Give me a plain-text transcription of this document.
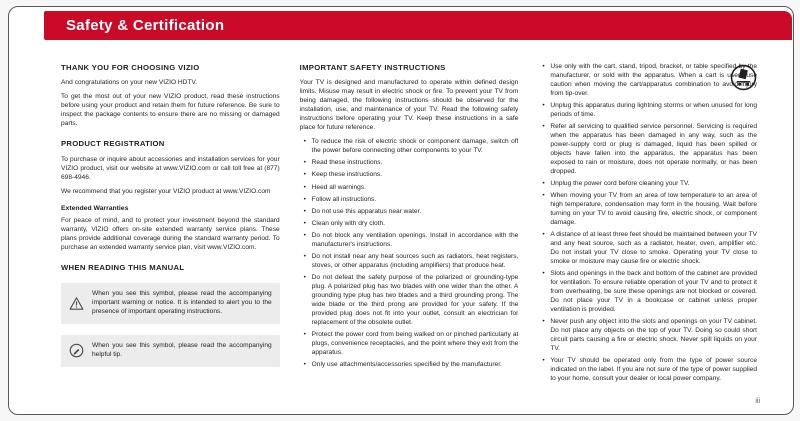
Safety & Certification
THANK YOU FOR CHOOSING VIZIO

And congratulations on your new VIZIO HDTV.

To get the most out of your new VIZIO product, read these instructions before using your product and retain them for future reference. Be sure to inspect the package contents to ensure there are no missing or damaged parts.

PRODUCT REGISTRATION

To purchase or inquire about accessories and installation services for your VIZIO product, visit our website at www.VIZIO.com or call toll free at (877) 698-4946.

We recommend that you register your VIZIO product at www.VIZIO.com

Extended Warranties

For peace of mind, and to protect your investment beyond the standard warranty, VIZIO offers on-site extended warranty service plans. These plans provide additional coverage during the standard warranty period. To purchase an extended warranty service plan, visit www.VIZIO.com.

WHEN READING THIS MANUAL

When you see this symbol, please read the accompanying important warning or notice. It is intended to alert you to the presence of important operating instructions.

When you see this symbol, please read the accompanying helpful tip.

IMPORTANT SAFETY INSTRUCTIONS

Your TV is designed and manufactured to operate within defined design limits. Misuse may result in electric shock or fire. To prevent your TV from being damaged, the following instructions should be observed for the installation, use, and maintenance of your TV. Read the following safety instructions before operating your TV. Keep these instructions in a safe place for future reference.

• To reduce the risk of electric shock or component damage, switch off the power before connecting other components to your TV.
• Read these instructions.
• Keep these instructions.
• Heed all warnings.
• Follow all instructions.
• Do not use this apparatus near water.
• Clean only with dry cloth.
• Do not block any ventilation openings. Install in accordance with the manufacturer's instructions.
• Do not install near any heat sources such as radiators, heat registers, stoves, or other apparatus (including amplifiers) that produce heat.
• Do not defeat the safety purpose of the polarized or grounding-type plug. A polarized plug has two blades with one wider than the other. A grounding type plug has two blades and a third grounding prong. The wide blade or the third prong are provided for your safety. If the provided plug does not fit into your outlet, consult an electrician for replacement of the obsolete outlet.
• Protect the power cord from being walked on or pinched particularly at plugs, convenience receptacles, and the point where they exit from the apparatus.
• Only use attachments/accessories specified by the manufacturer.
• Use only with the cart, stand, tripod, bracket, or table specified by the manufacturer, or sold with the apparatus. When a cart is used, use caution when moving the cart/apparatus combination to avoid injury from tip-over.
• Unplug this apparatus during lightning storms or when unused for long periods of time.
• Refer all servicing to qualified service personnel. Servicing is required when the apparatus has been damaged in any way, such as the power-supply cord or plug is damaged, liquid has been spilled or objects have fallen into the apparatus, the apparatus has been exposed to rain or moisture, does not operate normally, or has been dropped.
• Unplug the power cord before cleaning your TV.
• When moving your TV from an area of low temperature to an area of high temperature, condensation may form in the housing. Wait before turning on your TV to avoid causing fire, electric shock, or component damage.
• A distance of at least three feet should be maintained between your TV and any heat source, such as a radiator, heater, oven, amplifier etc. Do not install your TV close to smoke. Operating your TV close to smoke or moisture may cause fire or electric shock.
• Slots and openings in the back and bottom of the cabinet are provided for ventilation. To ensure reliable operation of your TV and to protect it from overheating, be sure these openings are not blocked or covered. Do not place your TV in a bookcase or cabinet unless proper ventilation is provided.
• Never push any object into the slots and openings on your TV cabinet. Do not place any objects on the top of your TV. Doing so could short circuit parts causing a fire or electric shock. Never spill liquids on your TV.
• Your TV should be operated only from the type of power source indicated on the label. If you are not sure of the type of power supplied to your home, consult your dealer or local power company.
iii
